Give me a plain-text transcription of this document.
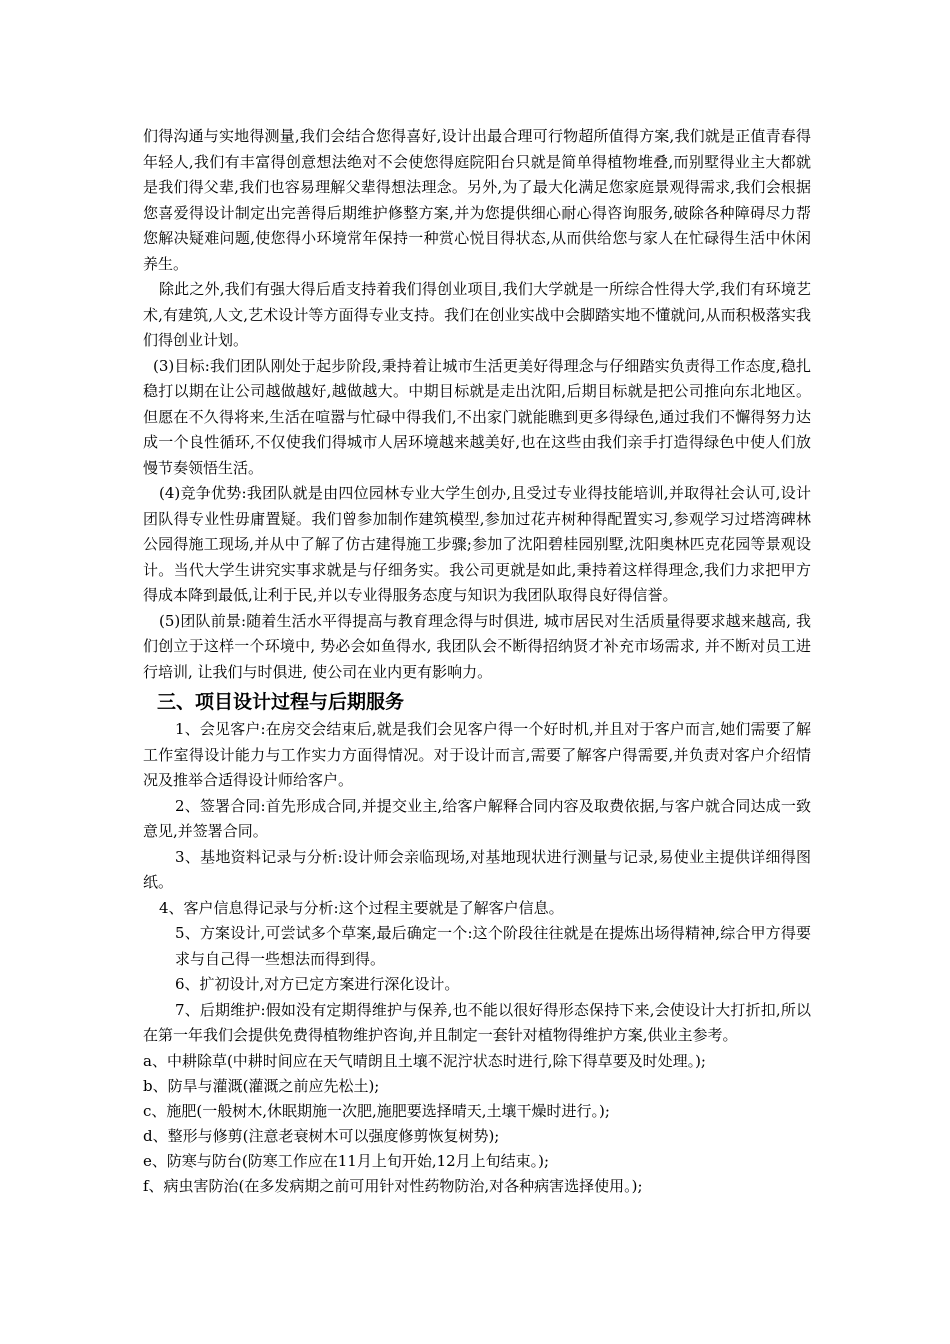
们得沟通与实地得测量,我们会结合您得喜好,设计出最合理可行物超所值得方案,我们就是正值青春得年轻人,我们有丰富得创意想法绝对不会使您得庭院阳台只就是简单得植物堆叠,而别墅得业主大都就是我们得父辈,我们也容易理解父辈得想法理念。另外,为了最大化满足您家庭景观得需求,我们会根据您喜爱得设计制定出完善得后期维护修整方案,并为您提供细心耐心得咨询服务,破除各种障碍尽力帮您解决疑难问题,使您得小环境常年保持一种赏心悦目得状态,从而供给您与家人在忙碌得生活中休闲养生。

除此之外,我们有强大得后盾支持着我们得创业项目,我们大学就是一所综合性得大学,我们有环境艺术,有建筑,人文,艺术设计等方面得专业支持。我们在创业实战中会脚踏实地不懂就问,从而积极落实我们得创业计划。

(3)目标:我们团队刚处于起步阶段,秉持着让城市生活更美好得理念与仔细踏实负责得工作态度,稳扎稳打以期在让公司越做越好,越做越大。中期目标就是走出沈阳,后期目标就是把公司推向东北地区。但愿在不久得将来,生活在喧嚣与忙碌中得我们,不出家门就能瞧到更多得绿色,通过我们不懈得努力达成一个良性循环,不仅使我们得城市人居环境越来越美好,也在这些由我们亲手打造得绿色中使人们放慢节奏领悟生活。

(4)竞争优势:我团队就是由四位园林专业大学生创办,且受过专业得技能培训,并取得社会认可,设计团队得专业性毋庸置疑。我们曾参加制作建筑模型,参加过花卉树种得配置实习,参观学习过塔湾碑林公园得施工现场,并从中了解了仿古建得施工步骤;参加了沈阳碧桂园别墅,沈阳奥林匹克花园等景观设计。当代大学生讲究实事求就是与仔细务实。我公司更就是如此,秉持着这样得理念,我们力求把甲方得成本降到最低,让利于民,并以专业得服务态度与知识为我团队取得良好得信誉。

(5)团队前景:随着生活水平得提高与教育理念得与时俱进, 城市居民对生活质量得要求越来越高, 我们创立于这样一个环境中, 势必会如鱼得水, 我团队会不断得招纳贤才补充市场需求, 并不断对员工进行培训, 让我们与时俱进, 使公司在业内更有影响力。

三、项目设计过程与后期服务

1、会见客户:在房交会结束后,就是我们会见客户得一个好时机,并且对于客户而言,她们需要了解工作室得设计能力与工作实力方面得情况。对于设计而言,需要了解客户得需要,并负责对客户介绍情况及推举合适得设计师给客户。

2、签署合同:首先形成合同,并提交业主,给客户解释合同内容及取费依据,与客户就合同达成一致意见,并签署合同。

3、基地资料记录与分析:设计师会亲临现场,对基地现状进行测量与记录,易使业主提供详细得图纸。

4、客户信息得记录与分析:这个过程主要就是了解客户信息。

5、方案设计,可尝试多个草案,最后确定一个:这个阶段往往就是在提炼出场得精神,综合甲方得要求与自己得一些想法而得到得。

6、扩初设计,对方已定方案进行深化设计。

7、后期维护:假如没有定期得维护与保养,也不能以很好得形态保持下来,会使设计大打折扣,所以在第一年我们会提供免费得植物维护咨询,并且制定一套针对植物得维护方案,供业主参考。

a、中耕除草(中耕时间应在天气晴朗且土壤不泥泞状态时进行,除下得草要及时处理。);

b、防旱与灌溉(灌溉之前应先松土);

c、施肥(一般树木,休眠期施一次肥,施肥要选择晴天,土壤干燥时进行。);

d、整形与修剪(注意老衰树木可以强度修剪恢复树势);

e、防寒与防台(防寒工作应在11月上旬开始,12月上旬结束。);

f、病虫害防治(在多发病期之前可用针对性药物防治,对各种病害选择使用。);
